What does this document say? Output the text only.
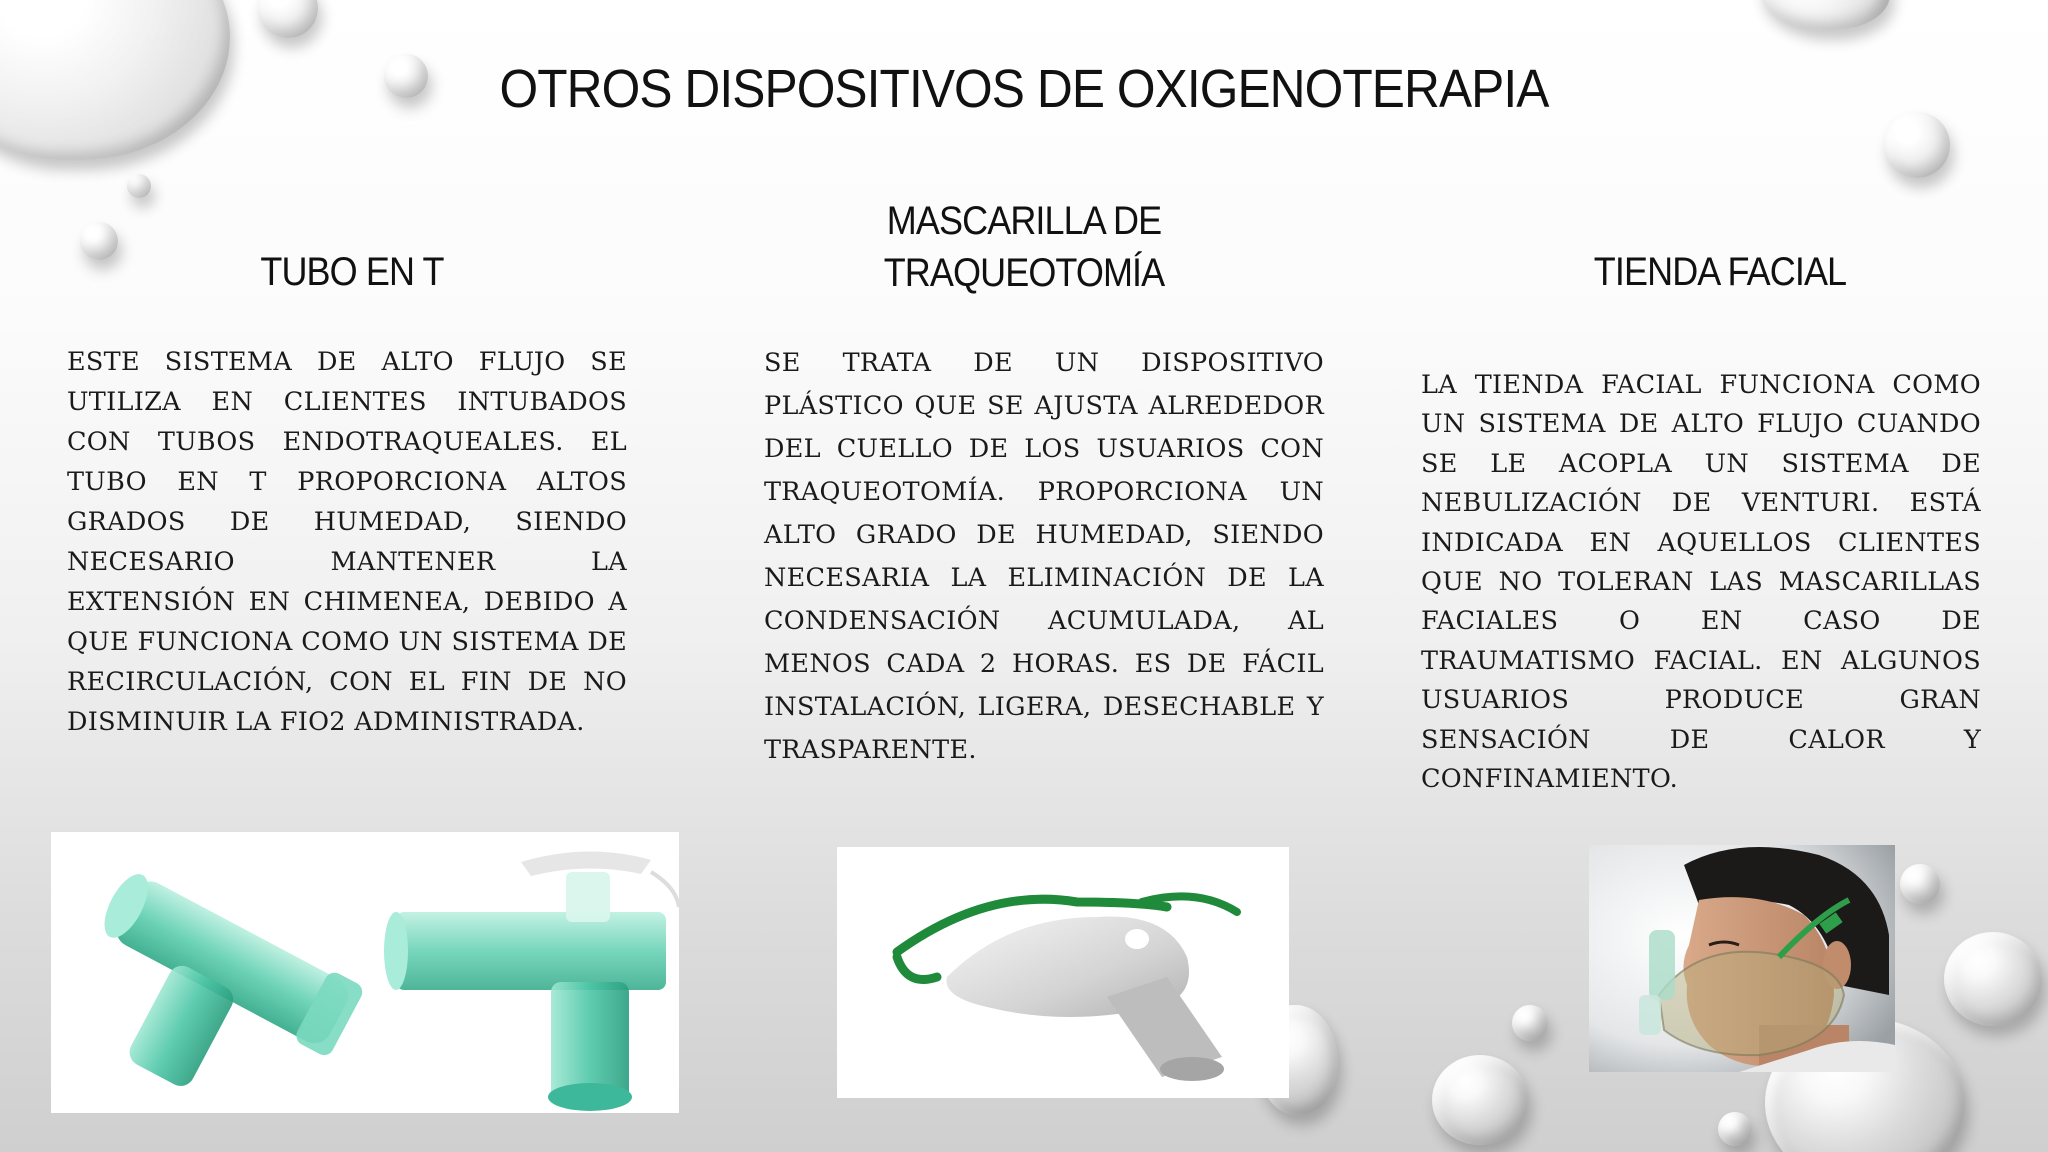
OTROS DISPOSITIVOS DE OXIGENOTERAPIA
TUBO EN T
MASCARILLA DE
TRAQUEOTOMÍA	TIENDA FACIAL
ESTE SISTEMA DE ALTO FLUJO SE UTILIZA EN CLIENTES INTUBADOS CON TUBOS ENDOTRAQUEALES. EL TUBO EN T PROPORCIONA ALTOS GRADOS DE HUMEDAD, SIENDO NECESARIO MANTENER LA EXTENSIÓN EN CHIMENEA, DEBIDO A QUE FUNCIONA COMO UN SISTEMA DE RECIRCULACIÓN, CON EL FIN DE NO DISMINUIR LA FIO2 ADMINISTRADA.
SE TRATA DE UN DISPOSITIVO PLÁSTICO QUE SE AJUSTA ALREDEDOR DEL CUELLO DE LOS USUARIOS CON TRAQUEOTOMÍA. PROPORCIONA UN ALTO GRADO DE HUMEDAD, SIENDO NECESARIA LA ELIMINACIÓN DE LA CONDENSACIÓN ACUMULADA, AL MENOS CADA 2 HORAS. ES DE FÁCIL INSTALACIÓN, LIGERA, DESECHABLE Y TRASPARENTE.
LA TIENDA FACIAL FUNCIONA COMO UN SISTEMA DE ALTO FLUJO CUANDO SE LE ACOPLA UN SISTEMA DE NEBULIZACIÓN DE VENTURI. ESTÁ INDICADA EN AQUELLOS CLIENTES QUE NO TOLERAN LAS MASCARILLAS FACIALES O EN CASO DE TRAUMATISMO FACIAL. EN ALGUNOS USUARIOS PRODUCE GRAN SENSACIÓN DE CALOR Y CONFINAMIENTO.
